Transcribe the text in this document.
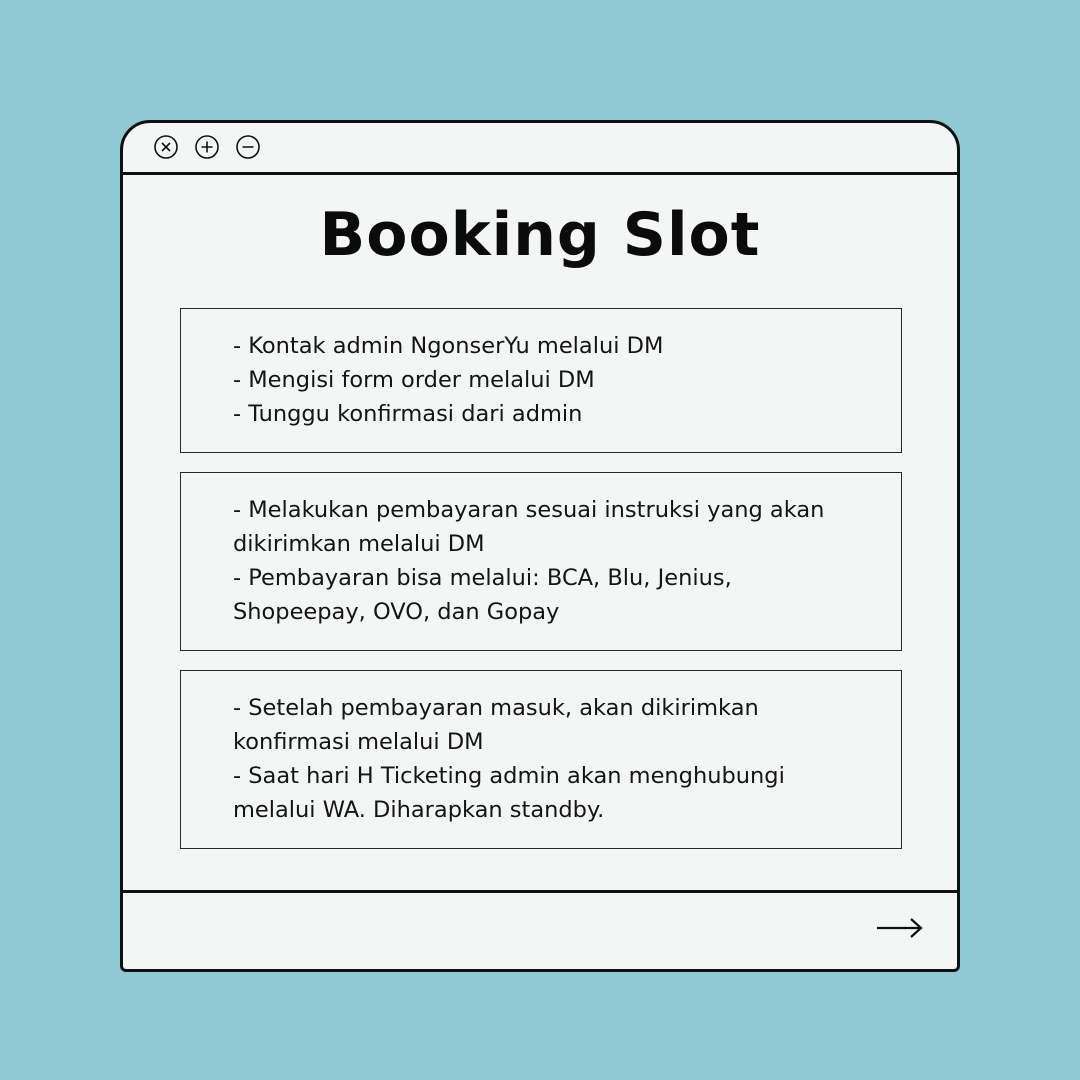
Booking Slot
- Kontak admin NgonserYu melalui DM
- Mengisi form order melalui DM
- Tunggu konfirmasi dari admin
- Melakukan pembayaran sesuai instruksi yang akan
dikirimkan melalui DM
- Pembayaran bisa melalui: BCA, Blu, Jenius,
Shopeepay, OVO, dan Gopay
- Setelah pembayaran masuk, akan dikirimkan
konfirmasi melalui DM
- Saat hari H Ticketing admin akan menghubungi
melalui WA. Diharapkan standby.
